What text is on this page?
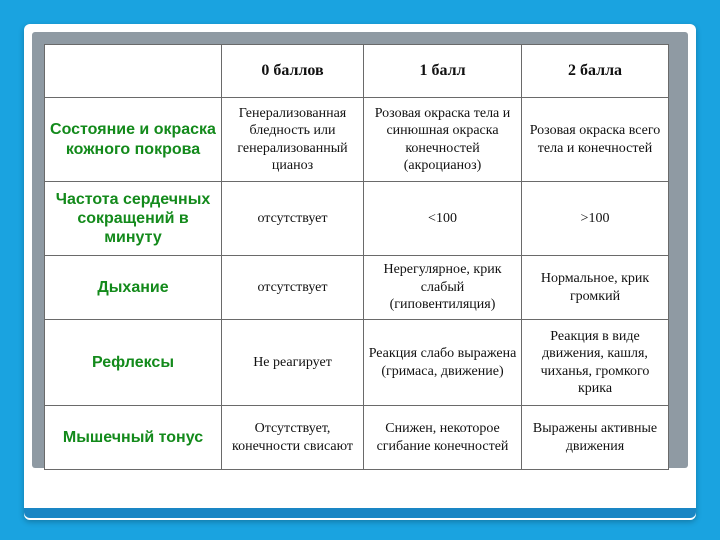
	0 баллов	1 балл	2 балла
Состояние и окраска кожного покрова	Генерализованная бледность или генерализованный цианоз	Розовая окраска тела и синюшная окраска конечностей (акроцианоз)	Розовая окраска всего тела и конечностей
Частота сердечных сокращений в минуту	отсутствует	<100	>100
Дыхание	отсутствует	Нерегулярное, крик слабый (гиповентиляция)	Нормальное, крик громкий
Рефлексы	Не реагирует	Реакция слабо выражена (гримаса, движение)	Реакция в виде движения, кашля, чиханья, громкого крика
Мышечный тонус	Отсутствует, конечности свисают	Снижен, некоторое сгибание конечностей	Выражены активные движения
